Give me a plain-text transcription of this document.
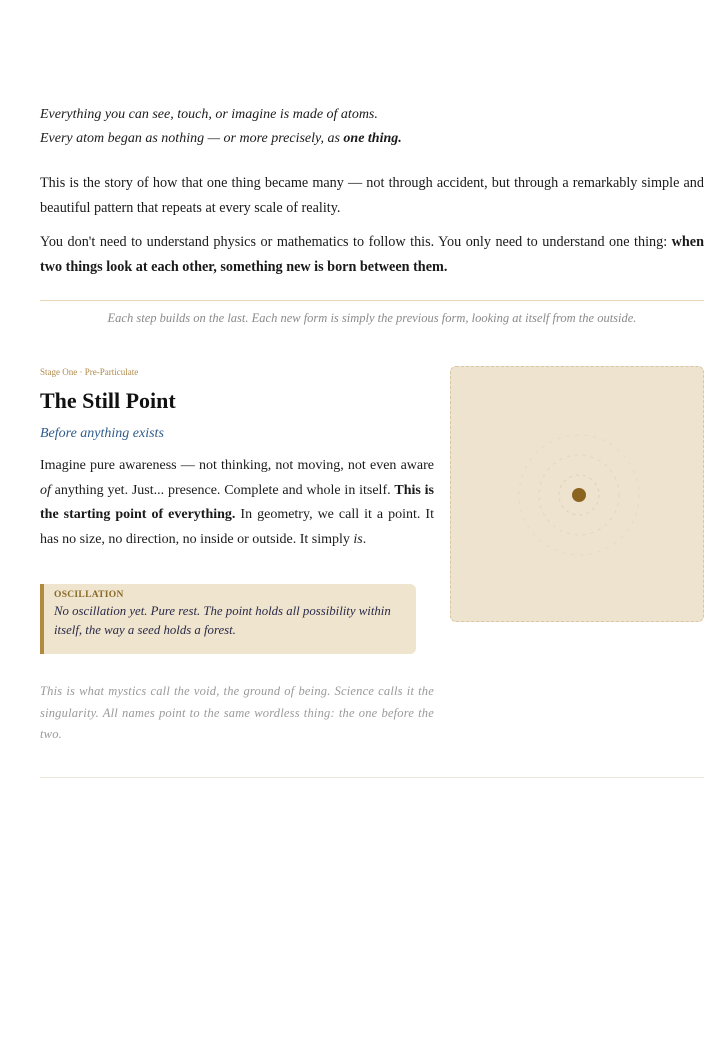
Everything you can see, touch, or imagine is made of atoms.

Every atom began as nothing — or more precisely, as one thing.

This is the story of how that one thing became many — not through accident, but through a remarkably simple and beautiful pattern that repeats at every scale of reality.

You don't need to understand physics or mathematics to follow this. You only need to understand one thing: when two things look at each other, something new is born between them.

Each step builds on the last. Each new form is simply the previous form, looking at itself from the outside.
Stage One · Pre-Particulate
The Still Point
Before anything exists
Imagine pure awareness — not thinking, not moving, not even aware of anything yet. Just... presence. Complete and whole in itself. This is the starting point of everything. In geometry, we call it a point. It has no size, no direction, no inside or outside. It simply is.
OSCILLATION
No oscillation yet. Pure rest. The point holds all possibility within itself, the way a seed holds a forest.
This is what mystics call the void, the ground of being. Science calls it the singularity. All names point to the same wordless thing: the one before the two.
